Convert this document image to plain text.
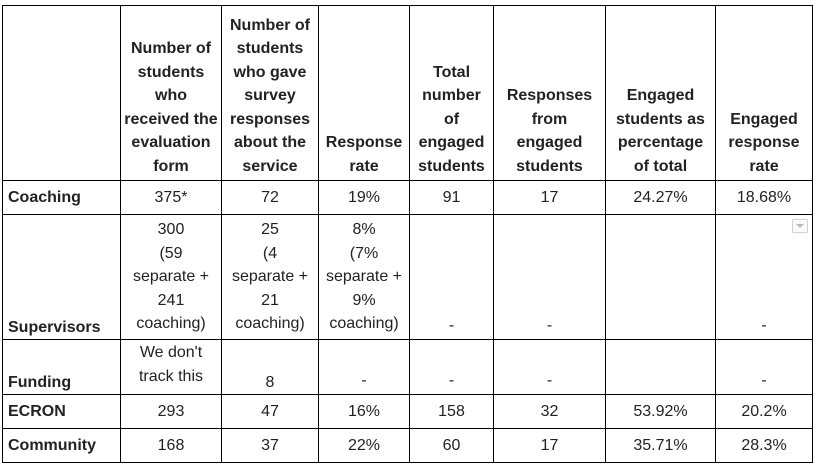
	Number of students who received the evaluation form	Number of students who gave survey responses about the service	Response rate	Total number of engaged students	Responses from engaged students	Engaged students as percentage of total	Engaged response rate
Coaching	375*	72	19%	91	17	24.27%	18.68%
Supervisors	300
(59
separate +
241
coaching)	25
(4
separate +
21
coaching)	8%
(7%
separate +
9%
coaching)	-	-		-

Funding	We don't
track this	8	-	-	-		-
ECRON	293	47	16%	158	32	53.92%	20.2%
Community	168	37	22%	60	17	35.71%	28.3%
